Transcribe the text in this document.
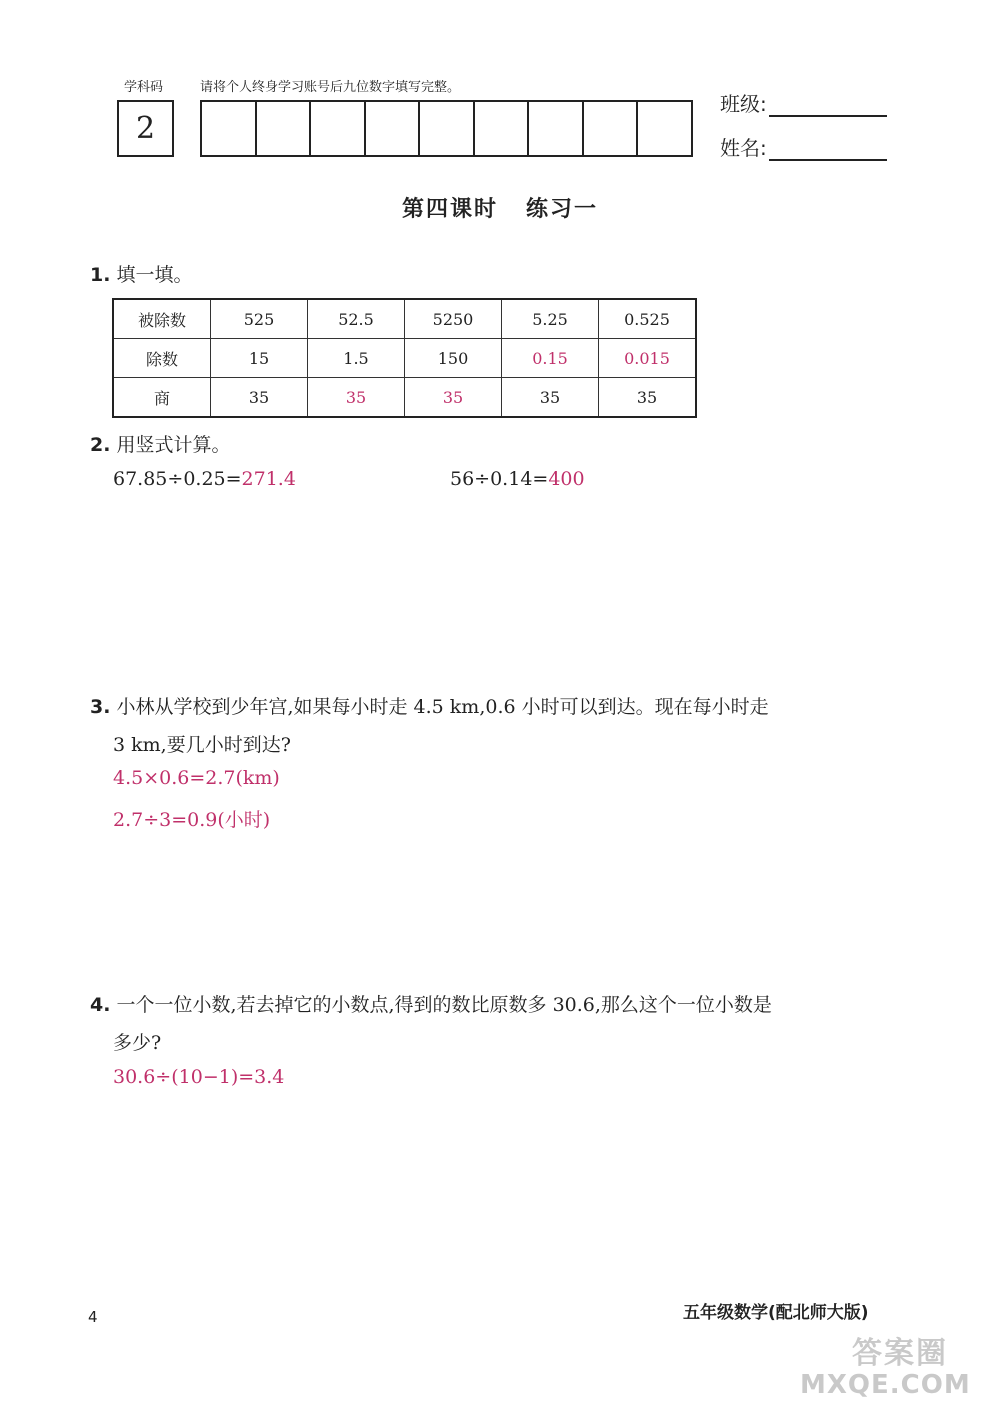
学科码
2
请将个人终身学习账号后九位数字填写完整。
班级:
姓名:
第四课时 练习一
1. 填一填。
被除数	525	52.5	5250	5.25	0.525
除数	15	1.5	150	0.15	0.015
商	35	35	35	35	35
2. 用竖式计算。
67.85÷0.25=271.4	56÷0.14=400
3. 小林从学校到少年宫,如果每小时走 4.5 km,0.6 小时可以到达。现在每小时走
3 km,要几小时到达?
4.5×0.6=2.7(km)
2.7÷3=0.9(小时)
4. 一个一位小数,若去掉它的小数点,得到的数比原数多 30.6,那么这个一位小数是
多少?
30.6÷(10−1)=3.4
4	五年级数学(配北师大版)
答案圈
MXQE.COM
